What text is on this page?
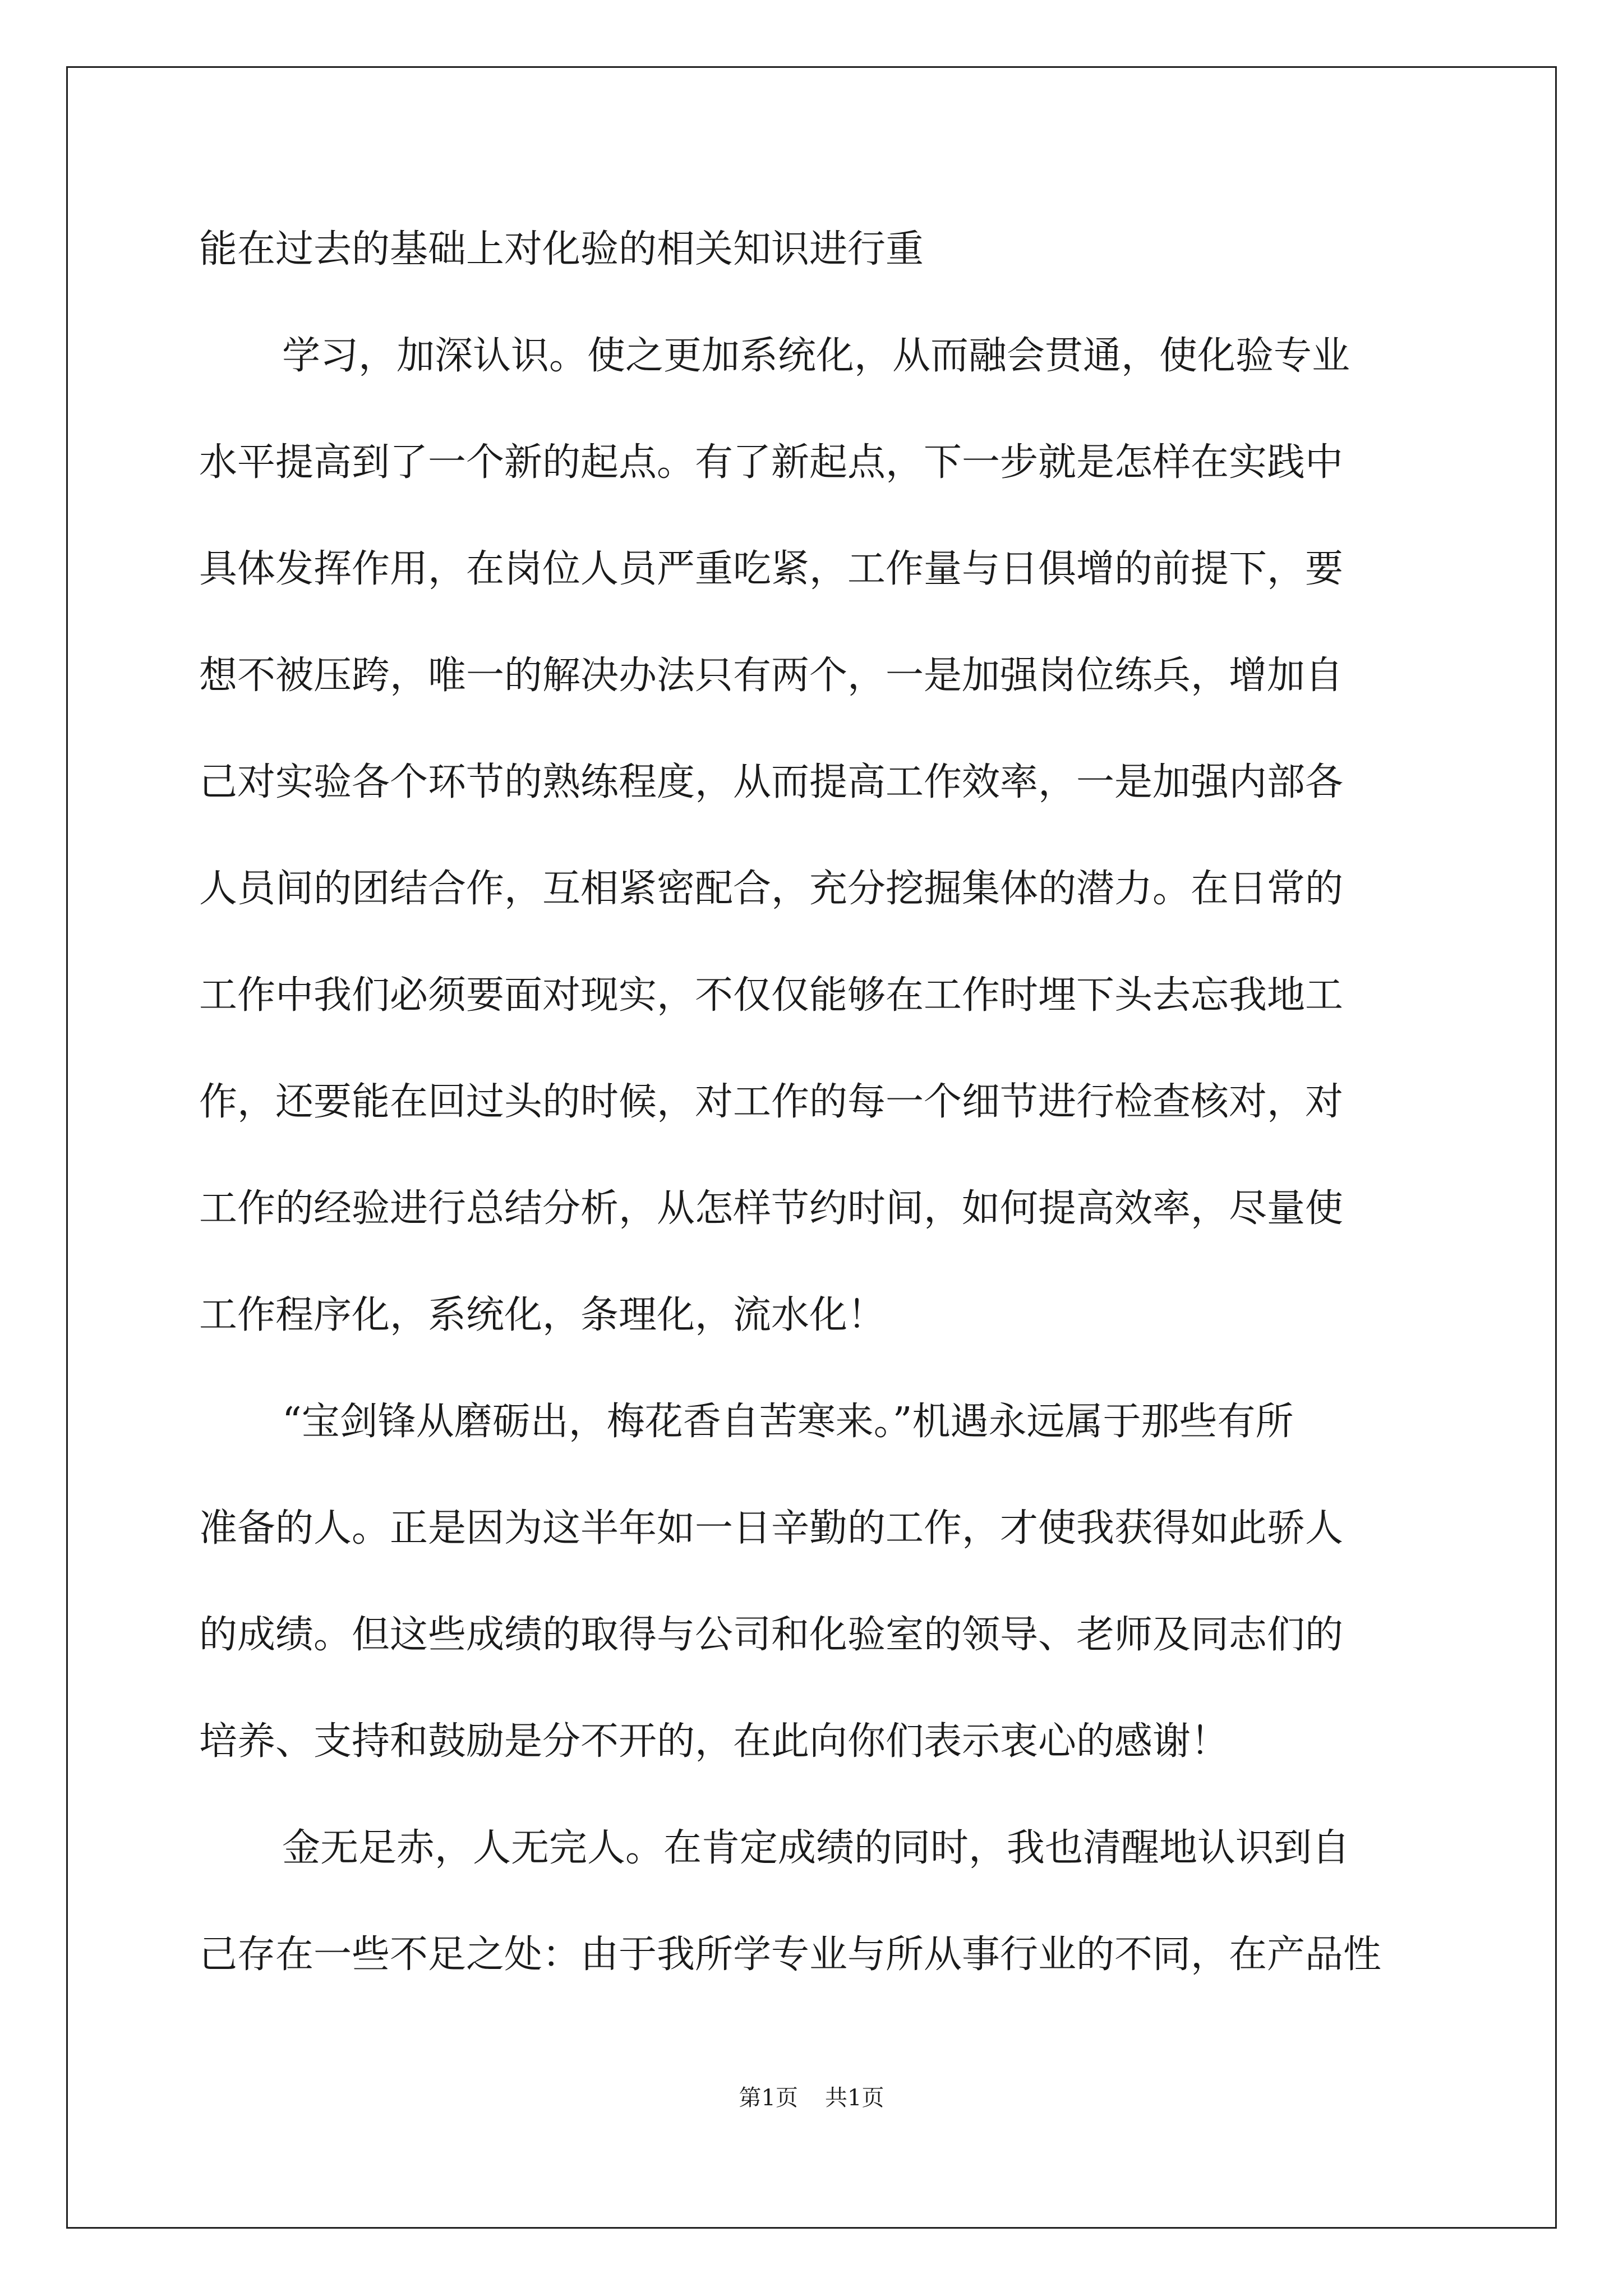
能在过去的基础上对化验的相关知识进行重
学习，加深认识。使之更加系统化，从而融会贯通，使化验专业
水平提高到了一个新的起点。有了新起点，下一步就是怎样在实践中
具体发挥作用，在岗位人员严重吃紧，工作量与日俱增的前提下，要
想不被压跨，唯一的解决办法只有两个，一是加强岗位练兵，增加自
己对实验各个环节的熟练程度，从而提高工作效率，一是加强内部各
人员间的团结合作，互相紧密配合，充分挖掘集体的潜力。在日常的
工作中我们必须要面对现实，不仅仅能够在工作时埋下头去忘我地工
作，还要能在回过头的时候，对工作的每一个细节进行检查核对，对
工作的经验进行总结分析，从怎样节约时间，如何提高效率，尽量使
工作程序化，系统化，条理化，流水化！
“宝剑锋从磨砺出，梅花香自苦寒来。”机遇永远属于那些有所
准备的人。正是因为这半年如一日辛勤的工作，才使我获得如此骄人
的成绩。但这些成绩的取得与公司和化验室的领导、老师及同志们的
培养、支持和鼓励是分不开的，在此向你们表示衷心的感谢！
金无足赤，人无完人。在肯定成绩的同时，我也清醒地认识到自
己存在一些不足之处：由于我所学专业与所从事行业的不同，在产品性
第1页 共1页
